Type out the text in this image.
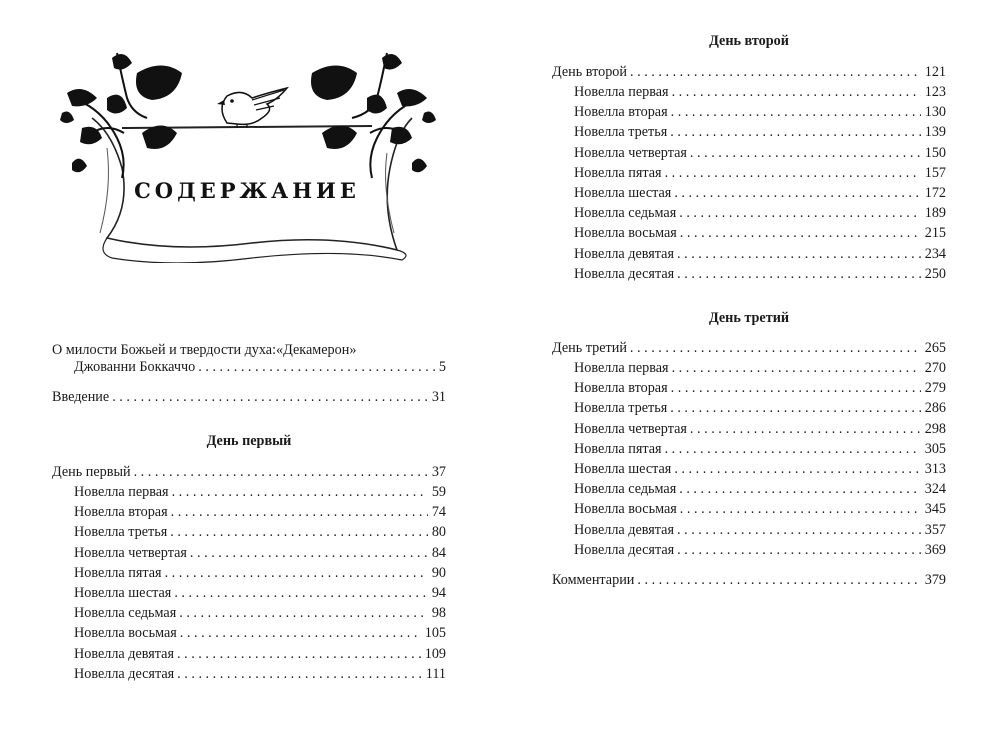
СОДЕРЖАНИЕ
О милости Божьей и твердости духа:«Декамерон»
Джованни Боккаччо . . .	5
Введение . . .	31
День первый
День первый . . .	37
Новелла первая . . .	59
Новелла вторая . . .	74
Новелла третья . . .	80
Новелла четвертая . . .	84
Новелла пятая . . .	90
Новелла шестая . . .	94
Новелла седьмая . . .	98
Новелла восьмая . . .	105
Новелла девятая . . .	109
Новелла десятая . . .	111
День второй
День второй . . .	121
Новелла первая . . .	123
Новелла вторая . . .	130
Новелла третья . . .	139
Новелла четвертая . . .	150
Новелла пятая . . .	157
Новелла шестая . . .	172
Новелла седьмая . . .	189
Новелла восьмая . . .	215
Новелла девятая . . .	234
Новелла десятая . . .	250
День третий
День третий . . .	265
Новелла первая . . .	270
Новелла вторая . . .	279
Новелла третья . . .	286
Новелла четвертая . . .	298
Новелла пятая . . .	305
Новелла шестая . . .	313
Новелла седьмая . . .	324
Новелла восьмая . . .	345
Новелла девятая . . .	357
Новелла десятая . . .	369
Комментарии . . .	379
